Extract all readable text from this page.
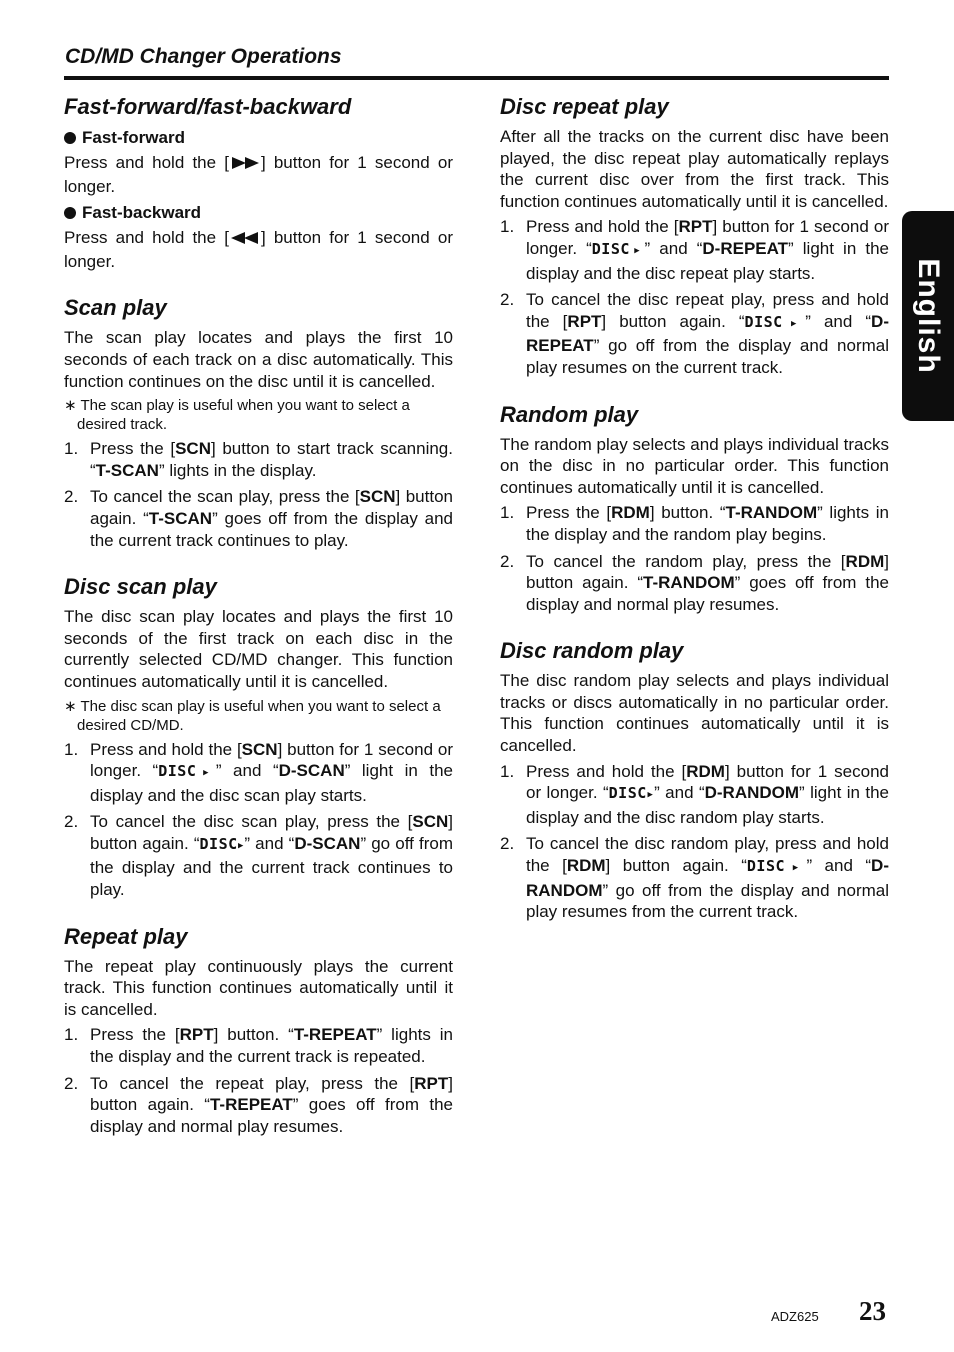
CD/MD Changer Operations
Fast-forward/fast-backward
Fast-forward

Press and hold the [ ] button for 1 second or longer.

Fast-backward

Press and hold the [ ] button for 1 second or longer.

Scan play

The scan play locates and plays the first 10 seconds of each track on a disc automatically. This function continues on the disc until it is cancelled.

∗ The scan play is useful when you want to select a desired track.

1. Press the [SCN] button to start track scanning. “T-SCAN” lights in the display.
2. To cancel the scan play, press the [SCN] button again. “T-SCAN” goes off from the display and the current track continues to play.
Disc scan play

The disc scan play locates and plays the first 10 seconds of the first track on each disc in the currently selected CD/MD changer. This function continues automatically until it is cancelled.

∗ The disc scan play is useful when you want to select a desired CD/MD.

1. Press and hold the [SCN] button for 1 second or longer. “DISC▶” and “D-SCAN” light in the display and the disc scan play starts.
2. To cancel the disc scan play, press the [SCN] button again. “DISC▶” and “D-SCAN” go off from the display and the current track continues to play.
Repeat play

The repeat play continuously plays the current track. This function continues automatically until it is cancelled.

1. Press the [RPT] button. “T-REPEAT” lights in the display and the current track is repeated.
2. To cancel the repeat play, press the [RPT] button again. “T-REPEAT” goes off from the display and normal play resumes.
Disc repeat play

After all the tracks on the current disc have been played, the disc repeat play automatically replays the current disc over from the first track. This function continues automatically until it is cancelled.

1. Press and hold the [RPT] button for 1 second or longer. “DISC▶” and “D-REPEAT” light in the display and the disc repeat play starts.
2. To cancel the disc repeat play, press and hold the [RPT] button again. “DISC▶” and “D-REPEAT” go off from the display and normal play resumes on the current track.
Random play

The random play selects and plays individual tracks on the disc in no particular order. This function continues automatically until it is cancelled.

1. Press the [RDM] button. “T-RANDOM” lights in the display and the random play begins.
2. To cancel the random play, press the [RDM] button again. “T-RANDOM” goes off from the display and normal play resumes.
Disc random play

The disc random play selects and plays individual tracks or discs automatically in no particular order. This function continues automatically until it is cancelled.

1. Press and hold the [RDM] button for 1 second or longer. “DISC▶” and “D-RANDOM” light in the display and the disc random play starts.
2. To cancel the disc random play, press and hold the [RDM] button again. “DISC▶” and “D-RANDOM” go off from the display and normal play resumes from the current track.
English
ADZ625 23
